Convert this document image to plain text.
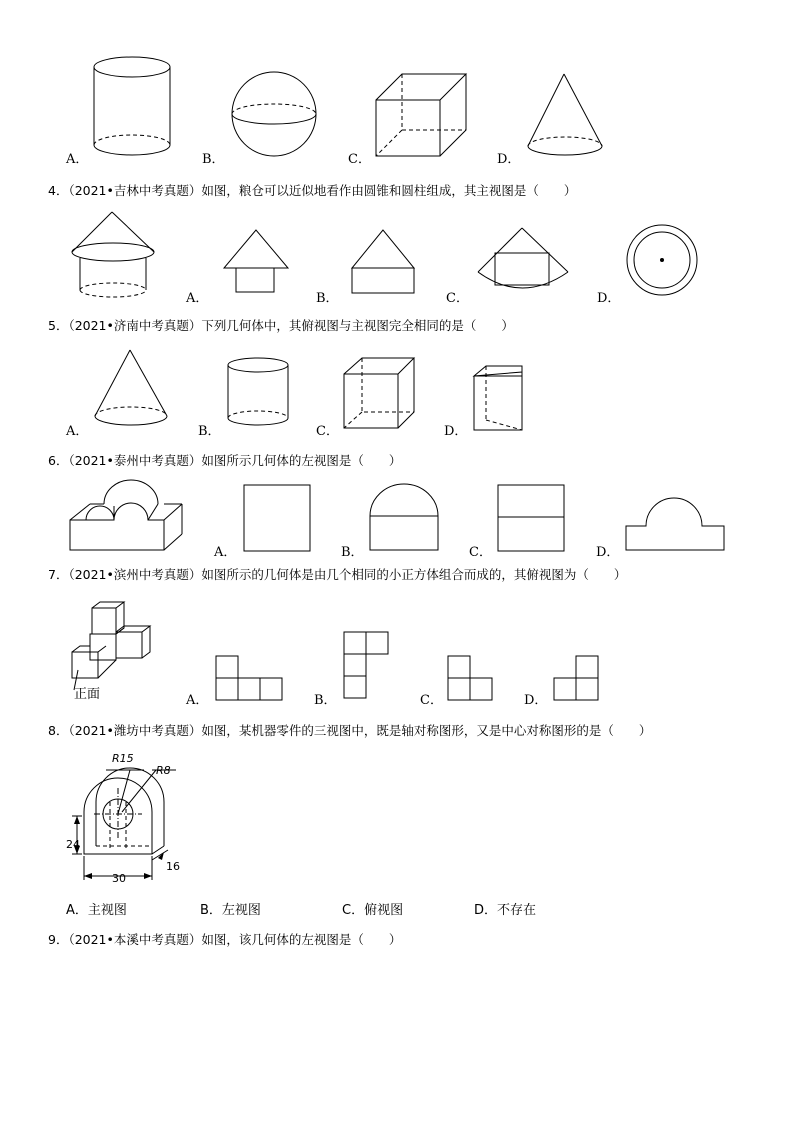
A．	B．	C．	D．
4．（2021•吉林中考真题）如图，粮仓可以近似地看作由圆锥和圆柱组成，其主视图是（　　）
A．	B．	C．	D．
5．（2021•济南中考真题）下列几何体中，其俯视图与主视图完全相同的是（　　）
A．	B．	C．	D．
6．（2021•泰州中考真题）如图所示几何体的左视图是（　　）
A．	B．	C．	D．
7．（2021•滨州中考真题）如图所示的几何体是由几个相同的小正方体组合而成的，其俯视图为（　　）
正面	A．	B．	C．	D．
8．（2021•潍坊中考真题）如图，某机器零件的三视图中，既是轴对称图形，又是中心对称图形的是（　　）
R15
R8
24
30
16
A．主视图	B．左视图	C．俯视图	D．不存在
9．（2021•本溪中考真题）如图，该几何体的左视图是（　　）
